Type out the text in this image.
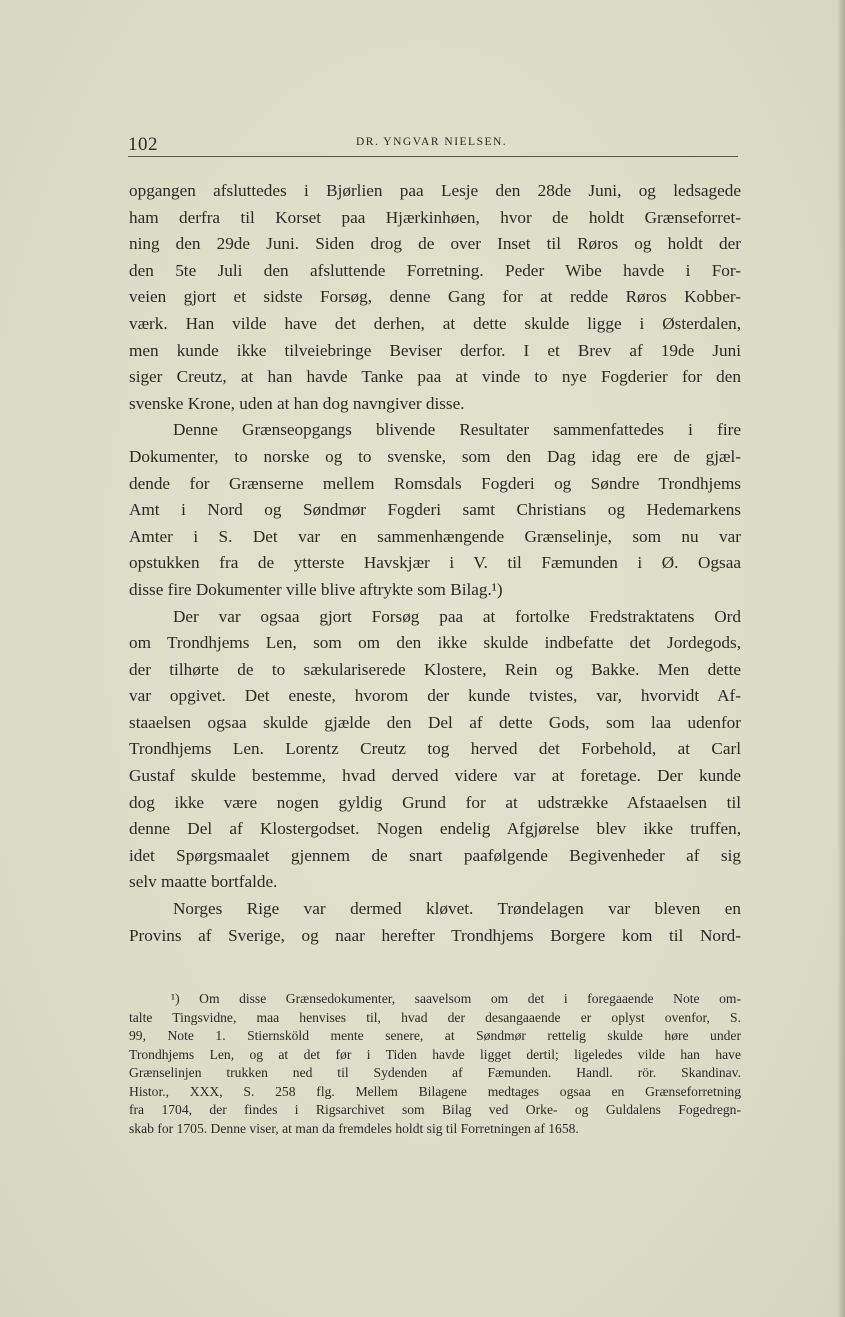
102	DR. YNGVAR NIELSEN.
opgangen afsluttedes i Bjørlien paa Lesje den 28de Juni, og ledsagede
ham derfra til Korset paa Hjærkinhøen, hvor de holdt Grænseforret-
ning den 29de Juni. Siden drog de over Inset til Røros og holdt der
den 5te Juli den afsluttende Forretning. Peder Wibe havde i For-
veien gjort et sidste Forsøg, denne Gang for at redde Røros Kobber-
værk. Han vilde have det derhen, at dette skulde ligge i Østerdalen,
men kunde ikke tilveiebringe Beviser derfor. I et Brev af 19de Juni
siger Creutz, at han havde Tanke paa at vinde to nye Fogderier for den
svenske Krone, uden at han dog navngiver disse.
Denne Grænseopgangs blivende Resultater sammenfattedes i fire
Dokumenter, to norske og to svenske, som den Dag idag ere de gjæl-
dende for Grænserne mellem Romsdals Fogderi og Søndre Trondhjems
Amt i Nord og Søndmør Fogderi samt Christians og Hedemarkens
Amter i S. Det var en sammenhængende Grænselinje, som nu var
opstukken fra de ytterste Havskjær i V. til Fæmunden i Ø. Ogsaa
disse fire Dokumenter ville blive aftrykte som Bilag.¹)
Der var ogsaa gjort Forsøg paa at fortolke Fredstraktatens Ord
om Trondhjems Len, som om den ikke skulde indbefatte det Jordegods,
der tilhørte de to sækulariserede Klostere, Rein og Bakke. Men dette
var opgivet. Det eneste, hvorom der kunde tvistes, var, hvorvidt Af-
staaelsen ogsaa skulde gjælde den Del af dette Gods, som laa udenfor
Trondhjems Len. Lorentz Creutz tog herved det Forbehold, at Carl
Gustaf skulde bestemme, hvad derved videre var at foretage. Der kunde
dog ikke være nogen gyldig Grund for at udstrække Afstaaelsen til
denne Del af Klostergodset. Nogen endelig Afgjørelse blev ikke truffen,
idet Spørgsmaalet gjennem de snart paafølgende Begivenheder af sig
selv maatte bortfalde.
Norges Rige var dermed kløvet. Trøndelagen var bleven en
Provins af Sverige, og naar herefter Trondhjems Borgere kom til Nord-
¹) Om disse Grænsedokumenter, saavelsom om det i foregaaende Note om-
talte Tingsvidne, maa henvises til, hvad der desangaaende er oplyst ovenfor, S.
99, Note 1. Stiernsköld mente senere, at Søndmør rettelig skulde høre under
Trondhjems Len, og at det før i Tiden havde ligget dertil; ligeledes vilde han have
Grænselinjen trukken ned til Sydenden af Fæmunden. Handl. rör. Skandinav.
Histor., XXX, S. 258 flg. Mellem Bilagene medtages ogsaa en Grænseforretning
fra 1704, der findes i Rigsarchivet som Bilag ved Orke- og Guldalens Fogedregn-
skab for 1705. Denne viser, at man da fremdeles holdt sig til Forretningen af 1658.
